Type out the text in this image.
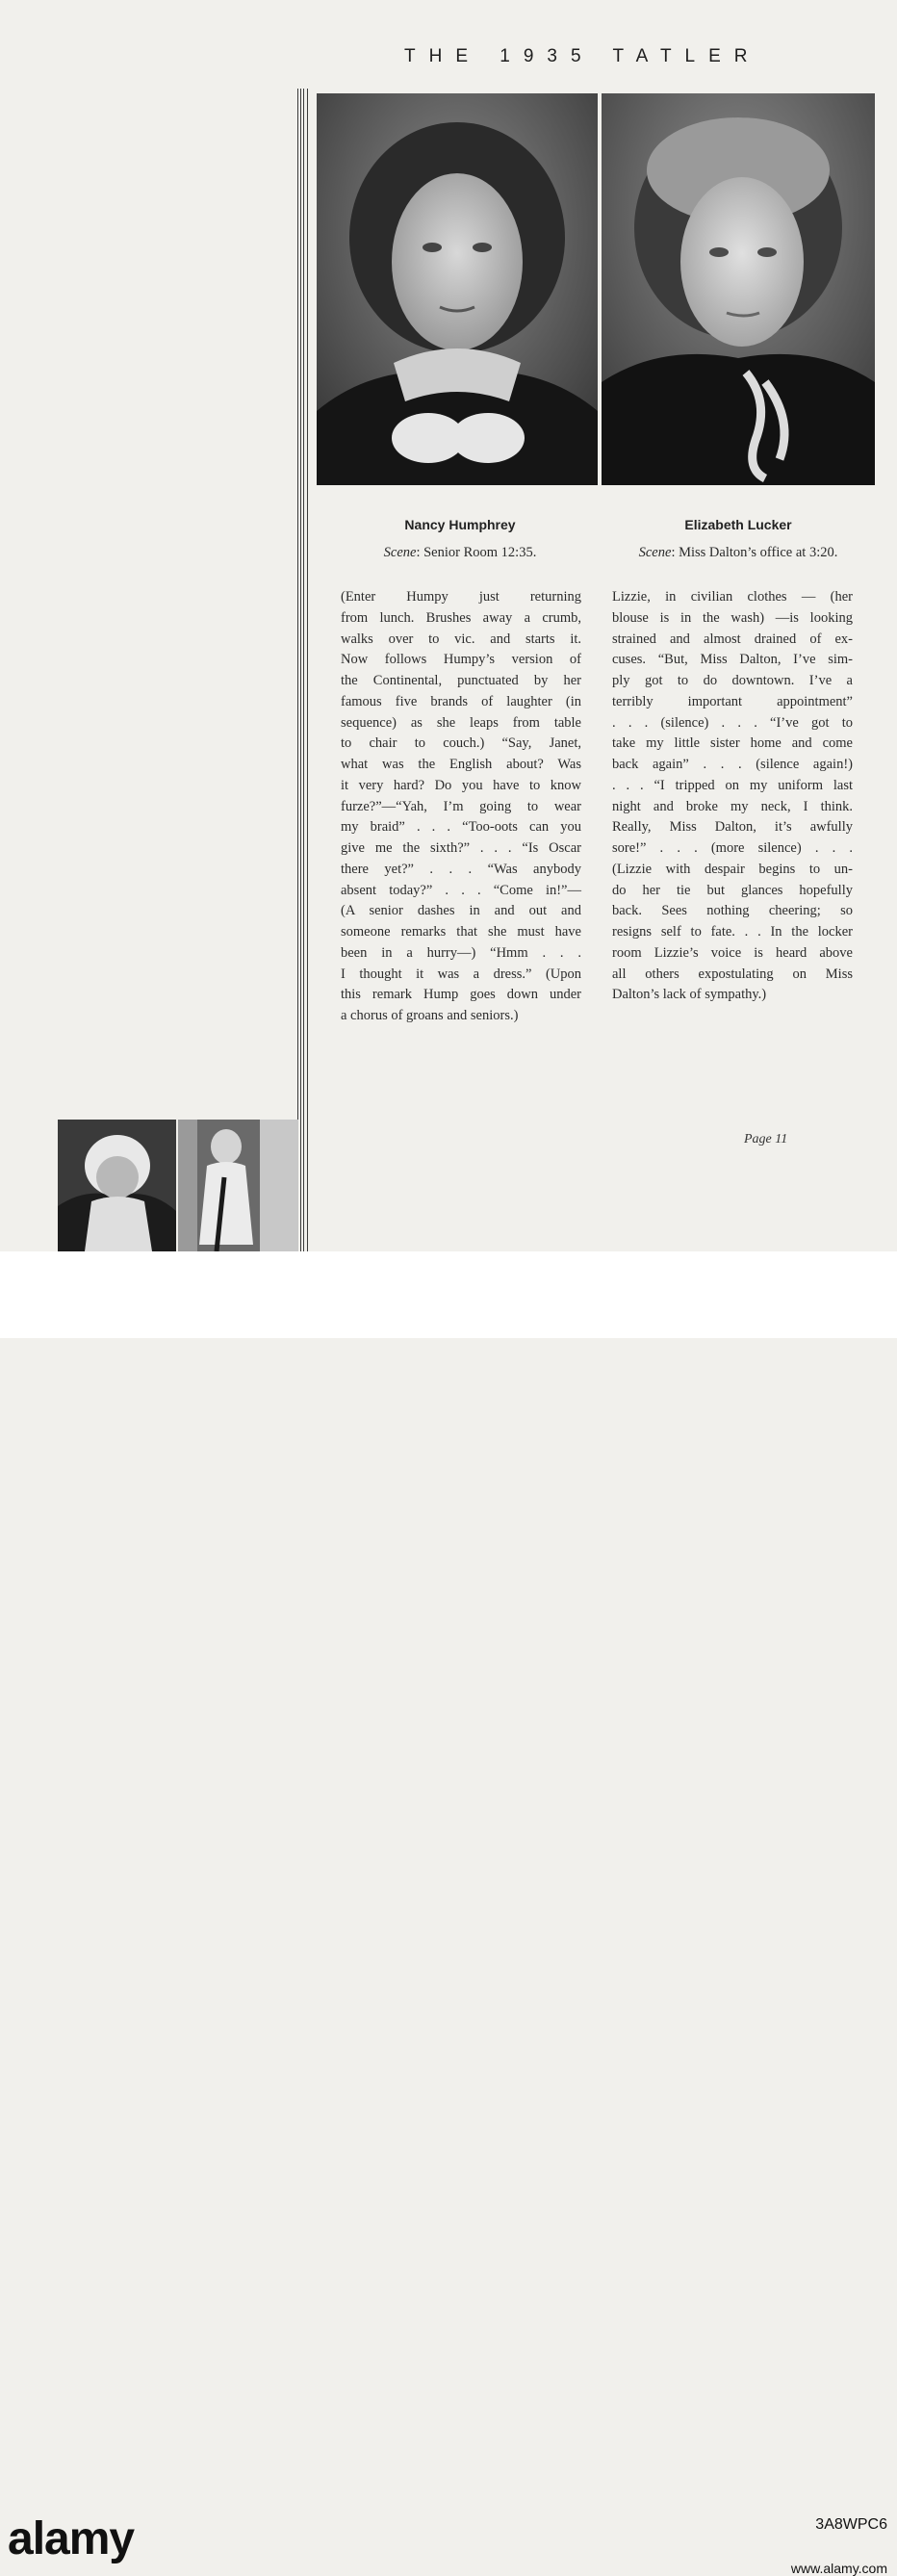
THE 1935 TATLER
Nancy Humphrey	Elizabeth Lucker
Scene: Senior Room 12:35.	Scene: Miss Dalton’s office at 3:20.
(Enter Humpy just returning
from lunch. Brushes away a crumb,
walks over to vic. and starts it.
Now follows Humpy’s version of
the Continental, punctuated by her
famous five brands of laughter (in
sequence) as she leaps from table
to chair to couch.) “Say, Janet,
what was the English about? Was
it very hard? Do you have to know
furze?”—“Yah, I’m going to wear
my braid” . . . “Too-oots can you
give me the sixth?” . . . “Is Oscar
there yet?” . . . “Was anybody
absent today?” . . . “Come in!”—
(A senior dashes in and out and
someone remarks that she must have
been in a hurry—) “Hmm . . .
I thought it was a dress.” (Upon
this remark Hump goes down under
a chorus of groans and seniors.)
Lizzie, in civilian clothes — (her
blouse is in the wash) —is looking
strained and almost drained of ex-
cuses. “But, Miss Dalton, I’ve sim-
ply got to do downtown. I’ve a
terribly important appointment”
. . . (silence) . . . “I’ve got to
take my little sister home and come
back again” . . . (silence again!)
. . . “I tripped on my uniform last
night and broke my neck, I think.
Really, Miss Dalton, it’s awfully
sore!” . . . (more silence) . . .
(Lizzie with despair begins to un-
do her tie but glances hopefully
back. Sees nothing cheering; so
resigns self to fate. . . In the locker
room Lizzie’s voice is heard above
all others expostulating on Miss
Dalton’s lack of sympathy.)
Page 11
alamy	3A8WPC6
www.alamy.com
